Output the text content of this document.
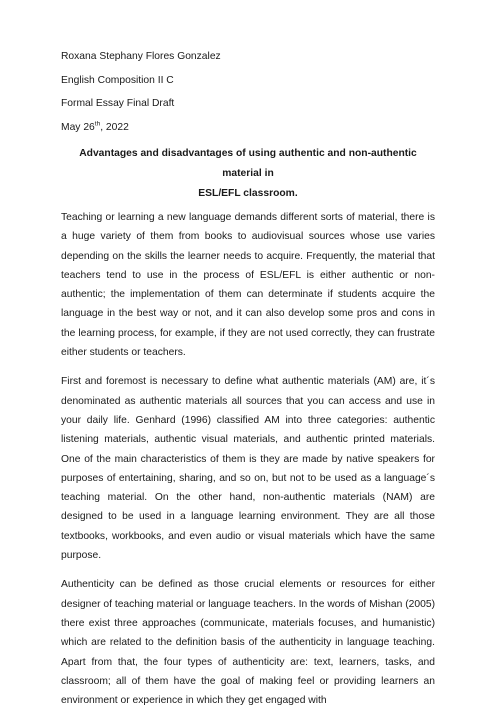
Roxana Stephany Flores Gonzalez
English Composition II C
Formal Essay Final Draft
May 26th, 2022
Advantages and disadvantages of using authentic and non-authentic material in
ESL/EFL classroom.

Teaching or learning a new language demands different sorts of material, there is a huge variety of them from books to audiovisual sources whose use varies depending on the skills the learner needs to acquire. Frequently, the material that teachers tend to use in the process of ESL/EFL is either authentic or non-authentic; the implementation of them can determinate if students acquire the language in the best way or not, and it can also develop some pros and cons in the learning process, for example, if they are not used correctly, they can frustrate either students or teachers.

First and foremost is necessary to define what authentic materials (AM) are, it´s denominated as authentic materials all sources that you can access and use in your daily life. Genhard (1996) classified AM into three categories: authentic listening materials, authentic visual materials, and authentic printed materials. One of the main characteristics of them is they are made by native speakers for purposes of entertaining, sharing, and so on, but not to be used as a language´s teaching material. On the other hand, non-authentic materials (NAM) are designed to be used in a language learning environment. They are all those textbooks, workbooks, and even audio or visual materials which have the same purpose.

Authenticity can be defined as those crucial elements or resources for either designer of teaching material or language teachers. In the words of Mishan (2005) there exist three approaches (communicate, materials focuses, and humanistic) which are related to the definition basis of the authenticity in language teaching. Apart from that, the four types of authenticity are: text, learners, tasks, and classroom; all of them have the goal of making feel or providing learners an environment or experience in which they get engaged with
